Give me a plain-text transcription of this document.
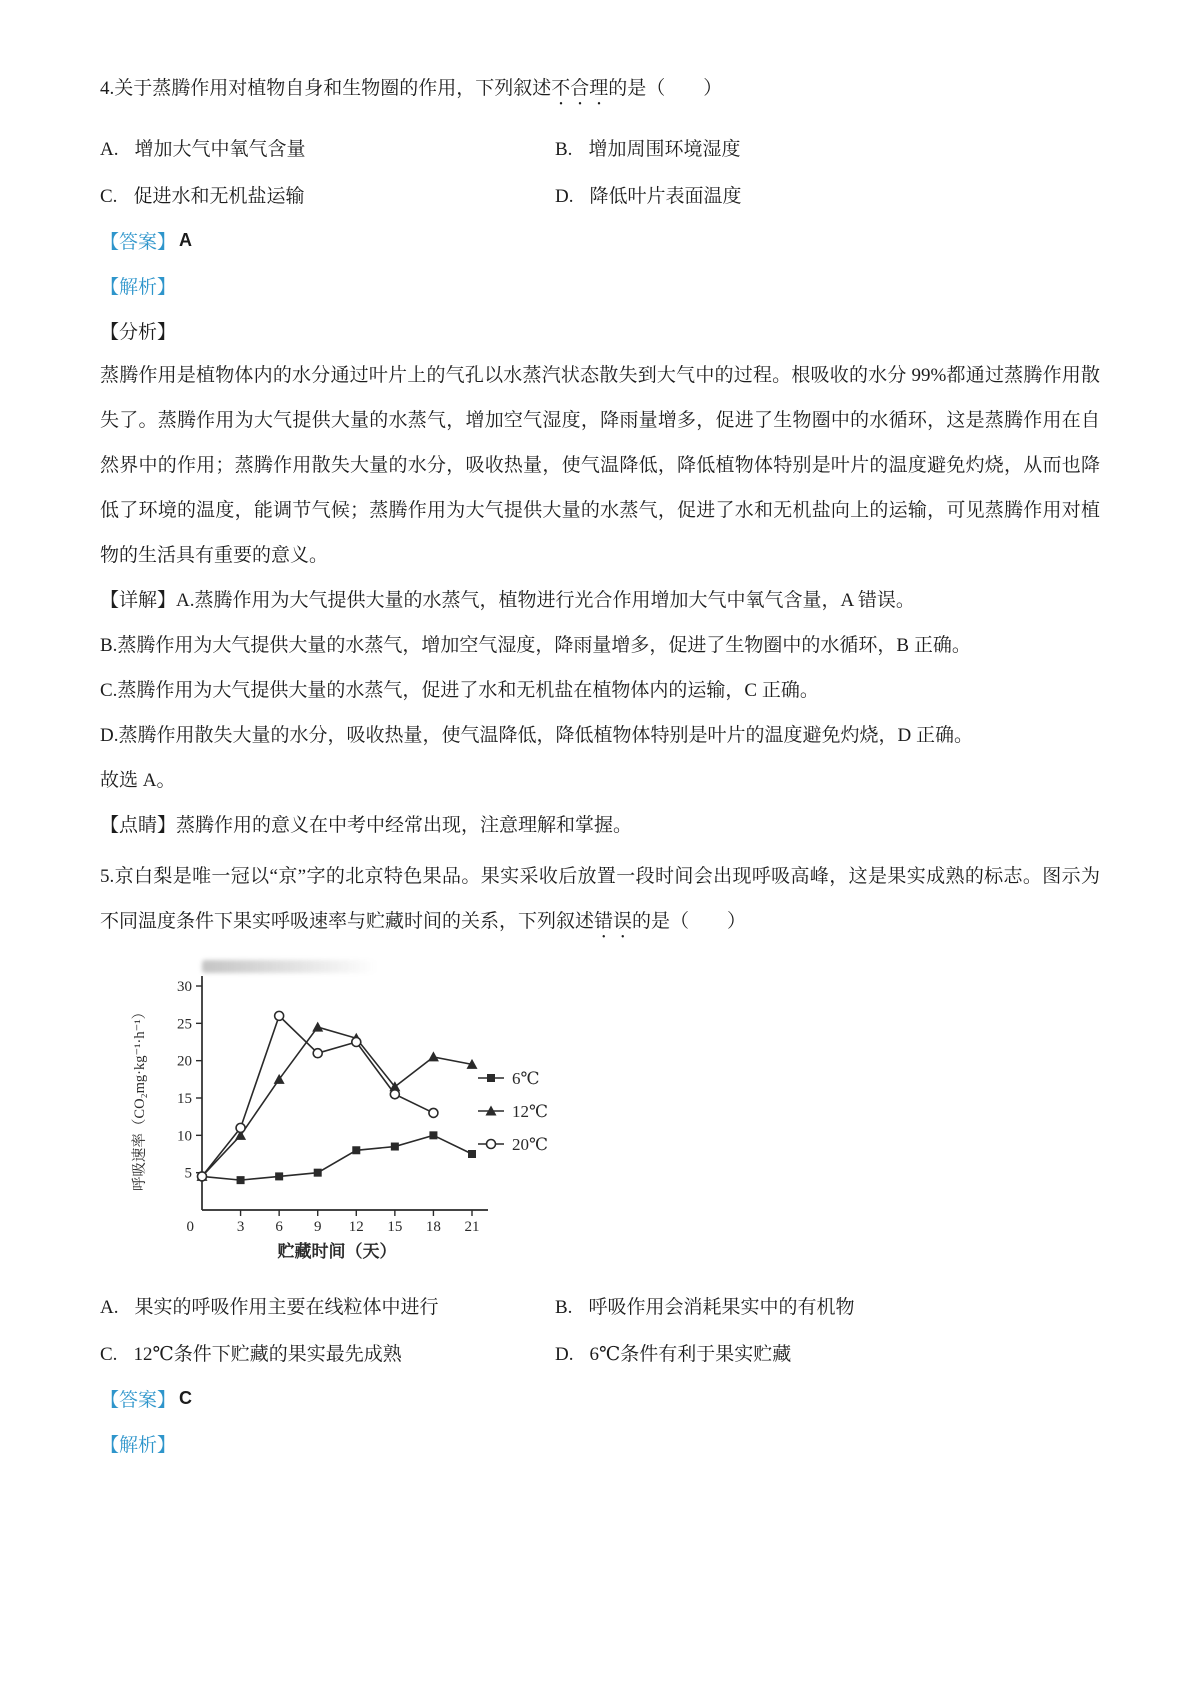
4.关于蒸腾作用对植物自身和生物圈的作用，下列叙述不合理的是（　　）

A. 增加大气中氧气含量	B. 增加周围环境湿度
C. 促进水和无机盐运输	D. 降低叶片表面温度
【答案】 A
【解析】
【分析】

蒸腾作用是植物体内的水分通过叶片上的气孔以水蒸汽状态散失到大气中的过程。根吸收的水分 99%都通过蒸腾作用散失了。蒸腾作用为大气提供大量的水蒸气，增加空气湿度，降雨量增多，促进了生物圈中的水循环，这是蒸腾作用在自然界中的作用；蒸腾作用散失大量的水分，吸收热量，使气温降低，降低植物体特别是叶片的温度避免灼烧，从而也降低了环境的温度，能调节气候；蒸腾作用为大气提供大量的水蒸气，促进了水和无机盐向上的运输，可见蒸腾作用对植物的生活具有重要的意义。

【详解】A.蒸腾作用为大气提供大量的水蒸气，植物进行光合作用增加大气中氧气含量，A 错误。

B.蒸腾作用为大气提供大量的水蒸气，增加空气湿度，降雨量增多，促进了生物圈中的水循环，B 正确。

C.蒸腾作用为大气提供大量的水蒸气，促进了水和无机盐在植物体内的运输，C 正确。

D.蒸腾作用散失大量的水分，吸收热量，使气温降低，降低植物体特别是叶片的温度避免灼烧，D 正确。

故选 A。

【点睛】蒸腾作用的意义在中考中经常出现，注意理解和掌握。

5.京白梨是唯一冠以“京”字的北京特色果品。果实采收后放置一段时间会出现呼吸高峰，这是果实成熟的标志。图示为不同温度条件下果实呼吸速率与贮藏时间的关系，下列叙述错误的是（　　）

0
5
10
15
20
25
30
3 6 9 12 15 18 21
贮藏时间（天）
呼吸速率（CO₂mg·kg⁻¹·h⁻¹）	6℃
12℃
20℃
A. 果实的呼吸作用主要在线粒体中进行	B. 呼吸作用会消耗果实中的有机物
C. 12℃条件下贮藏的果实最先成熟	D. 6℃条件有利于果实贮藏
【答案】 C
【解析】
